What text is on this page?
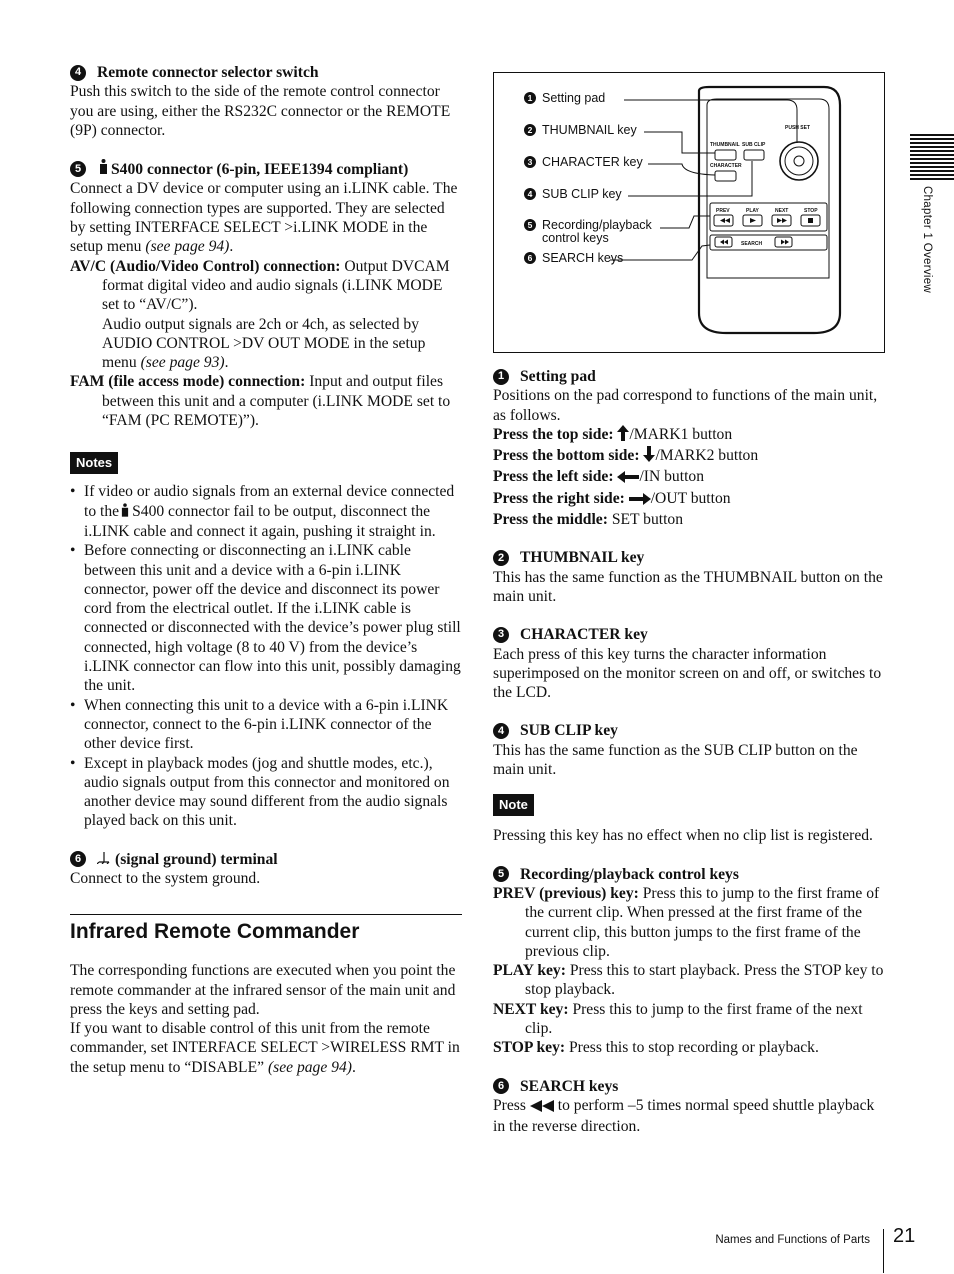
4	Remote connector selector switch

Push this switch to the side of the remote control connector you are using, either the RS232C connector or the REMOTE (9P) connector.

5	S400 connector (6-pin, IEEE1394 compliant)

Connect a DV device or computer using an i.LINK cable. The following connection types are supported. They are selected by setting INTERFACE SELECT >i.LINK MODE in the setup menu (see page 94).

AV/C (Audio/Video Control) connection: Output DVCAM format digital video and audio signals (i.LINK MODE set to “AV/C”).

Audio output signals are 2ch or 4ch, as selected by AUDIO CONTROL >DV OUT MODE in the setup menu (see page 93).

FAM (file access mode) connection: Input and output files between this unit and a computer (i.LINK MODE set to “FAM (PC REMOTE)”).

Notes
• If video or audio signals from an external device connected to the S400 connector fail to be output, disconnect the i.LINK cable and connect it again, pushing it straight in.
• Before connecting or disconnecting an i.LINK cable between this unit and a device with a 6-pin i.LINK connector, power off the device and disconnect its power cord from the electrical outlet. If the i.LINK cable is connected or disconnected with the device’s power plug still connected, high voltage (8 to 40 V) from the device’s i.LINK connector can flow into this unit, possibly damaging the unit.
• When connecting this unit to a device with a 6-pin i.LINK connector, connect to the 6-pin i.LINK connector of the other device first.
• Except in playback modes (jog and shuttle modes, etc.), audio signals output from this connector and monitored on another device may sound different from the audio signals played back on this unit.
6	(signal ground) terminal

Connect to the system ground.

Infrared Remote Commander

The corresponding functions are executed when you point the remote commander at the infrared sensor of the main unit and press the keys and setting pad.

If you want to disable control of this unit from the remote commander, set INTERFACE SELECT >WIRELESS RMT in the setup menu to “DISABLE” (see page 94).

1 Setting pad
2 THUMBNAIL key
3 CHARACTER key
4 SUB CLIP key
5 Recording/playback control keys
6 SEARCH keys
THUMBNAIL SUB CLIP
CHARACTER
PUSH SET
PREV	PLAY	NEXT	STOP
SEARCH
1	Setting pad

Positions on the pad correspond to functions of the main unit, as follows.

Press the top side: /MARK1 button

Press the bottom side: /MARK2 button

Press the left side: /IN button

Press the right side: /OUT button

Press the middle: SET button

2	THUMBNAIL key

This has the same function as the THUMBNAIL button on the main unit.

3	CHARACTER key

Each press of this key turns the character information superimposed on the monitor screen on and off, or switches to the LCD.

4	SUB CLIP key

This has the same function as the SUB CLIP button on the main unit.

Note

Pressing this key has no effect when no clip list is registered.

5	Recording/playback control keys

PREV (previous) key: Press this to jump to the first frame of the current clip. When pressed at the first frame of the current clip, this button jumps to the first frame of the previous clip.

PLAY key: Press this to start playback. Press the STOP key to stop playback.

NEXT key: Press this to jump to the first frame of the next clip.

STOP key: Press this to stop recording or playback.

6	SEARCH keys

Press to perform –5 times normal speed shuttle playback in the reverse direction.

Chapter 1 Overview
Names and Functions of Parts 21
